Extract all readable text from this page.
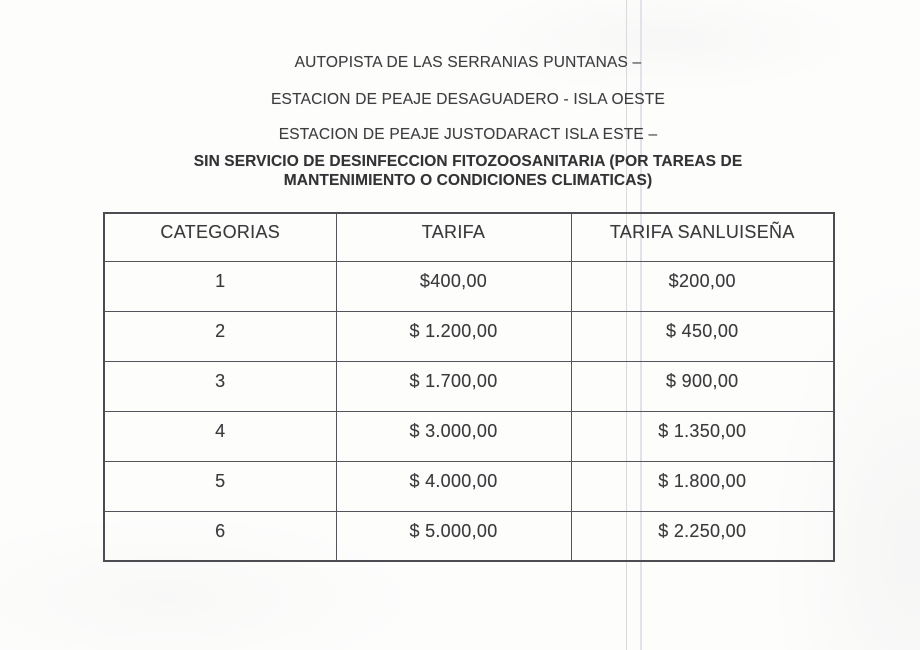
AUTOPISTA DE LAS SERRANIAS PUNTANAS –
ESTACION DE PEAJE DESAGUADERO - ISLA OESTE
ESTACION DE PEAJE JUSTODARACT ISLA ESTE –
SIN SERVICIO DE DESINFECCION FITOZOOSANITARIA (POR TAREAS DE
MANTENIMIENTO O CONDICIONES CLIMATICAS)
CATEGORIAS	TARIFA	TARIFA SANLUISEÑA
1	$400,00	$200,00
2	$ 1.200,00	$ 450,00
3	$ 1.700,00	$ 900,00
4	$ 3.000,00	$ 1.350,00
5	$ 4.000,00	$ 1.800,00
6	$ 5.000,00	$ 2.250,00
